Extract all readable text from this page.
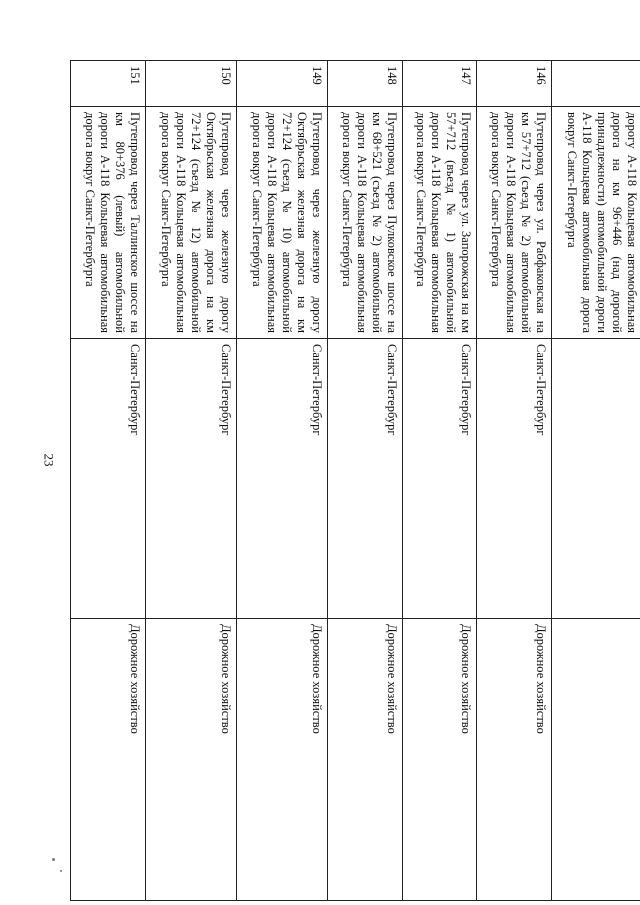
23

	дорогу А-118 Кольцевая автомобильная дорога на км 96+446 (над дорогой принадлежности) автомобильной дороги А-118 Кольцевая автомобильная дорога вокруг Санкт-Петербурга		

146	Путепровод через ул. Рабфаковская на км 57+712 (съезд № 2) автомобильной дороги А-118 Кольцевая автомобильная дорога вокруг Санкт-Петербурга	Санкт-Петербург	Дорожное хозяйство
147	Путепровод через ул. Запорожская на км 57+712 (въезд № 1) автомобильной дороги А-118 Кольцевая автомобильная дорога вокруг Санкт-Петербурга	Санкт-Петербург	Дорожное хозяйство
148	Путепровод через Пулковское шоссе на км 68+521 (съезд № 2) автомобильной дороги А-118 Кольцевая автомобильная дорога вокруг Санкт-Петербурга	Санкт-Петербург	Дорожное хозяйство
149	Путепровод через железную дорогу Октябрьская железная дорога на км 72+124 (съезд № 10) автомобильной дороги А-118 Кольцевая автомобильная дорога вокруг Санкт-Петербурга	Санкт-Петербург	Дорожное хозяйство
150	Путепровод через железную дорогу Октябрьская железная дорога на км 72+124 (съезд № 12) автомобильной дороги А-118 Кольцевая автомобильная дорога вокруг Санкт-Петербурга	Санкт-Петербург	Дорожное хозяйство
151	Путепровод через Таллинское шоссе на км 80+376 (левый) автомобильной дороги А-118 Кольцевая автомобильная дорога вокруг Санкт-Петербурга	Санкт-Петербург	Дорожное хозяйство
